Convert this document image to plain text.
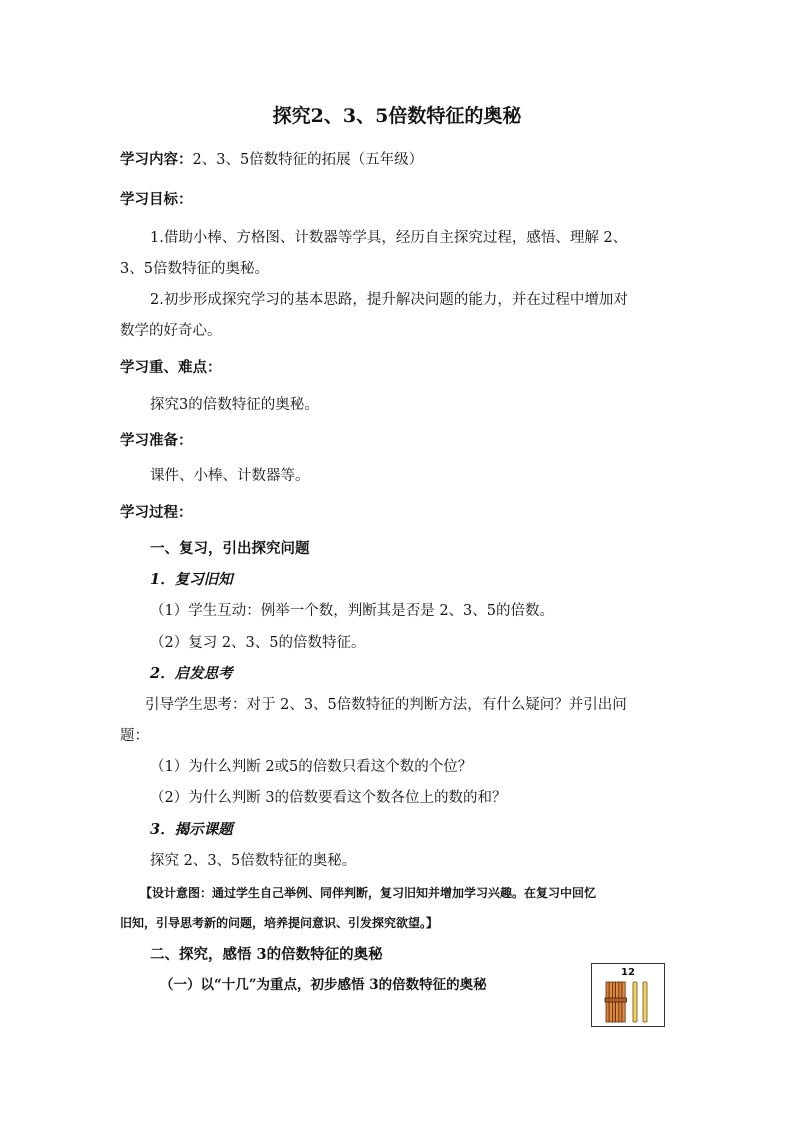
探究2、3、5倍数特征的奥秘
学习内容：2、3、5倍数特征的拓展（五年级）
学习目标：
1.借助小棒、方格图、计数器等学具，经历自主探究过程，感悟、理解 2、
3、5倍数特征的奥秘。
2.初步形成探究学习的基本思路，提升解决问题的能力，并在过程中增加对
数学的好奇心。
学习重、难点：
探究3的倍数特征的奥秘。
学习准备：
课件、小棒、计数器等。
学习过程：
一、复习，引出探究问题
1．复习旧知
（1）学生互动：例举一个数，判断其是否是 2、3、5的倍数。
（2）复习 2、3、5的倍数特征。
2．启发思考
引导学生思考：对于 2、3、5倍数特征的判断方法，有什么疑问？并引出问
题：
（1）为什么判断 2或5的倍数只看这个数的个位？
（2）为什么判断 3的倍数要看这个数各位上的数的和？
3．揭示课题
探究 2、3、5倍数特征的奥秘。
【设计意图：通过学生自己举例、同伴判断，复习旧知并增加学习兴趣。在复习中回忆
旧知，引导思考新的问题，培养提问意识、引发探究欲望。】
二、探究，感悟 3的倍数特征的奥秘
（一）以“十几”为重点，初步感悟 3的倍数特征的奥秘
12
